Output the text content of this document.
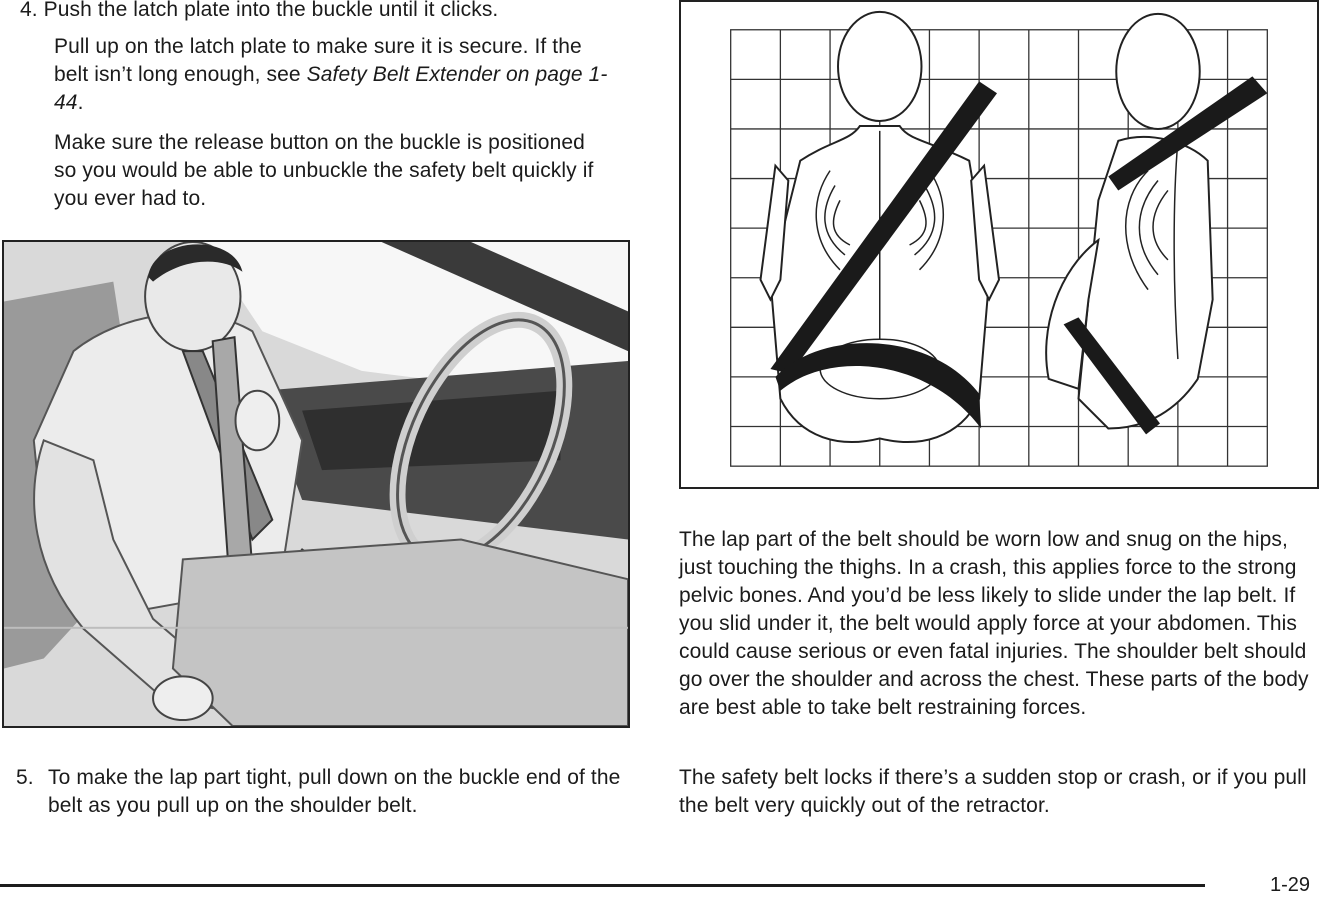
4. Push the latch plate into the buckle until it clicks.

Pull up on the latch plate to make sure it is secure. If the belt isn’t long enough, see Safety Belt Extender on page 1-44.

Make sure the release button on the buckle is positioned so you would be able to unbuckle the safety belt quickly if you ever had to.

5. To make the lap part tight, pull down on the buckle end of the belt as you pull up on the shoulder belt.

The lap part of the belt should be worn low and snug on the hips, just touching the thighs. In a crash, this applies force to the strong pelvic bones. And you’d be less likely to slide under the lap belt. If you slid under it, the belt would apply force at your abdomen. This could cause serious or even fatal injuries. The shoulder belt should go over the shoulder and across the chest. These parts of the body are best able to take belt restraining forces.

The safety belt locks if there’s a sudden stop or crash, or if you pull the belt very quickly out of the retractor.

1-29
